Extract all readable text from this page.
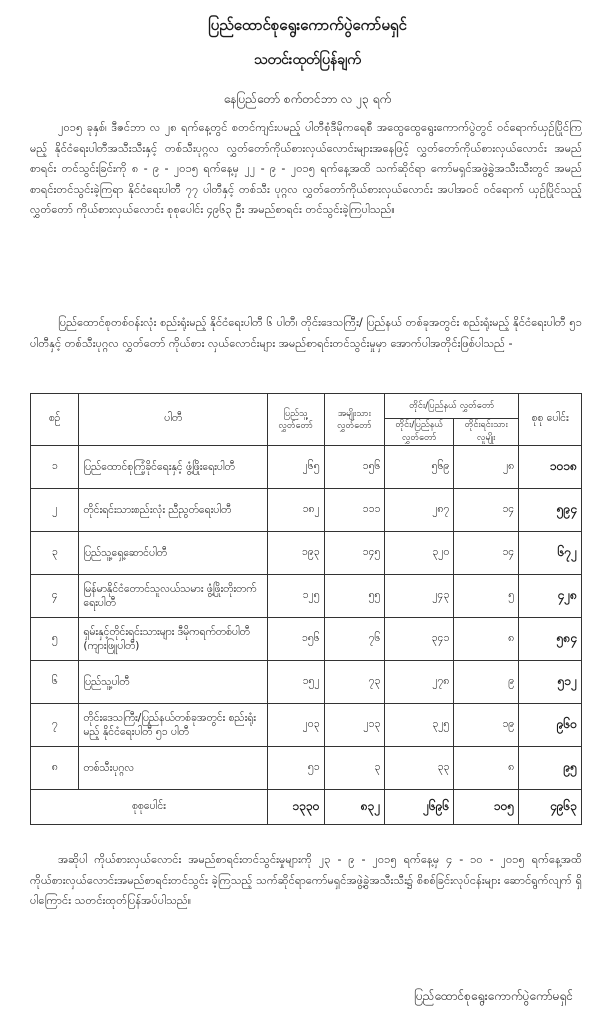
ပြည်ထောင်စုရွေးကောက်ပွဲကော်မရှင်
သတင်းထုတ်ပြန်ချက်
နေပြည်တော် စက်တင်ဘာ လ ၂၃ ရက်

၂၀၁၅ ခုနှစ်၊ ဒီဇင်ဘာ လ ၂၈ ရက်နေ့တွင် စတင်ကျင်းပမည့် ပါတီစုံဒီမိုကရေစီ အထွေထွေရွေးကောက်ပွဲတွင် ဝင်ရောက်ယှဉ်ပြိုင်ကြမည့် နိုင်ငံရေးပါတီအသီးသီးနှင့် တစ်သီးပုဂ္ဂလ လွှတ်တော်ကိုယ်စားလှယ်လောင်းများအနေဖြင့် လွှတ်တော်ကိုယ်စားလှယ်လောင်း အမည်စာရင်း တင်သွင်းခြင်းကို ၈ - ၉ - ၂၀၁၅ ရက်နေ့မှ ၂၂ - ၉ - ၂၀၁၅ ရက်နေ့အထိ သက်ဆိုင်ရာ ကော်မရှင်အဖွဲ့ခွဲအသီးသီးတွင် အမည်စာရင်းတင်သွင်းခဲ့ကြရာ နိုင်ငံရေးပါတီ ၇၇ ပါတီနှင့် တစ်သီး ပုဂ္ဂလ လွှတ်တော်ကိုယ်စားလှယ်လောင်း အပါအဝင် ဝင်ရောက် ယှဉ်ပြိုင်သည့် လွှတ်တော် ကိုယ်စားလှယ်လောင်း စုစုပေါင်း ၄၉၆၃ ဦး အမည်စာရင်း တင်သွင်းခဲ့ကြပါသည်။

ပြည်ထောင်စုတစ်ဝန်းလုံး စည်းရုံးမည့် နိုင်ငံရေးပါတီ ၆ ပါတီ၊ တိုင်းဒေသကြီး/ ပြည်နယ် တစ်ခုအတွင်း စည်းရုံးမည့် နိုင်ငံရေးပါတီ ၅၁ ပါတီနှင့် တစ်သီးပုဂ္ဂလ လွှတ်တော် ကိုယ်စား လှယ်လောင်းများ အမည်စာရင်းတင်သွင်းမှုမှာ အောက်ပါအတိုင်းဖြစ်ပါသည် -

စဉ်	ပါတီ	ပြည်သူ့ လွှတ်တော်	အမျိုးသား လွှတ်တော်	တိုင်း/ပြည်နယ် လွှတ်တော်		စုစု ပေါင်း
				တိုင်း/ပြည်နယ် လွှတ်တော်	တိုင်းရင်းသား လူမျိုး	
၁	ပြည်ထောင်စုကြံ့ခိုင်ရေးနှင့် ဖွံ့ဖြိုးရေးပါတီ	၂၆၅	၁၅၆	၅၆၉	၂၈	၁၀၁၈
၂	တိုင်းရင်းသားစည်းလုံး ညီညွတ်ရေးပါတီ	၁၈၂	၁၁၁	၂၈၇	၁၄	၅၉၄
၃	ပြည်သူ့ရှေ့ဆောင်ပါတီ	၁၉၃	၁၄၅	၃၂၀	၁၄	၆၇၂
၄	မြန်မာနိုင်ငံတောင်သူလယ်သမား ဖွံ့ဖြိုးတိုးတက်ရေးပါတီ	၁၂၅	၅၅	၂၄၃	၅	၄၂၈
၅	ရှမ်းနှင့်တိုင်းရင်းသားများ ဒီမိုကရက်တစ်ပါတီ (ကျားဖြူပါတီ)	၁၅၆	၇၆	၃၄၁	၈	၅၈၄
၆	ပြည်သူ့ပါတီ	၁၅၂	၇၃	၂၇၈	၉	၅၁၂
၇	တိုင်းဒေသကြီး/ပြည်နယ်တစ်ခုအတွင်း စည်းရုံးမည့် နိုင်ငံရေးပါတီ ၅၁ ပါတီ	၂၀၃	၂၁၃	၃၂၅	၁၉	၉၆၀
၈	တစ်သီးပုဂ္ဂလ	၅၁	၃	၃၃	၈	၉၅
စုစုပေါင်း		၁၃၃၀	၈၃၂	၂၆၉၆	၁၀၅	၄၉၆၃

အဆိုပါ ကိုယ်စားလှယ်လောင်း အမည်စာရင်းတင်သွင်းမှုများကို ၂၃ - ၉ - ၂၀၁၅ ရက်နေ့မှ ၄ - ၁၀ - ၂၀၁၅ ရက်နေ့အထိ ကိုယ်စားလှယ်လောင်းအမည်စာရင်းတင်သွင်း ခဲ့ကြသည့် သက်ဆိုင်ရာကော်မရှင်အဖွဲ့ခွဲအသီးသီး၌ စိစစ်ခြင်းလုပ်ငန်းများ ဆောင်ရွက်လျက် ရှိပါကြောင်း သတင်းထုတ်ပြန်အပ်ပါသည်။

ပြည်ထောင်စုရွေးကောက်ပွဲကော်မရှင်
